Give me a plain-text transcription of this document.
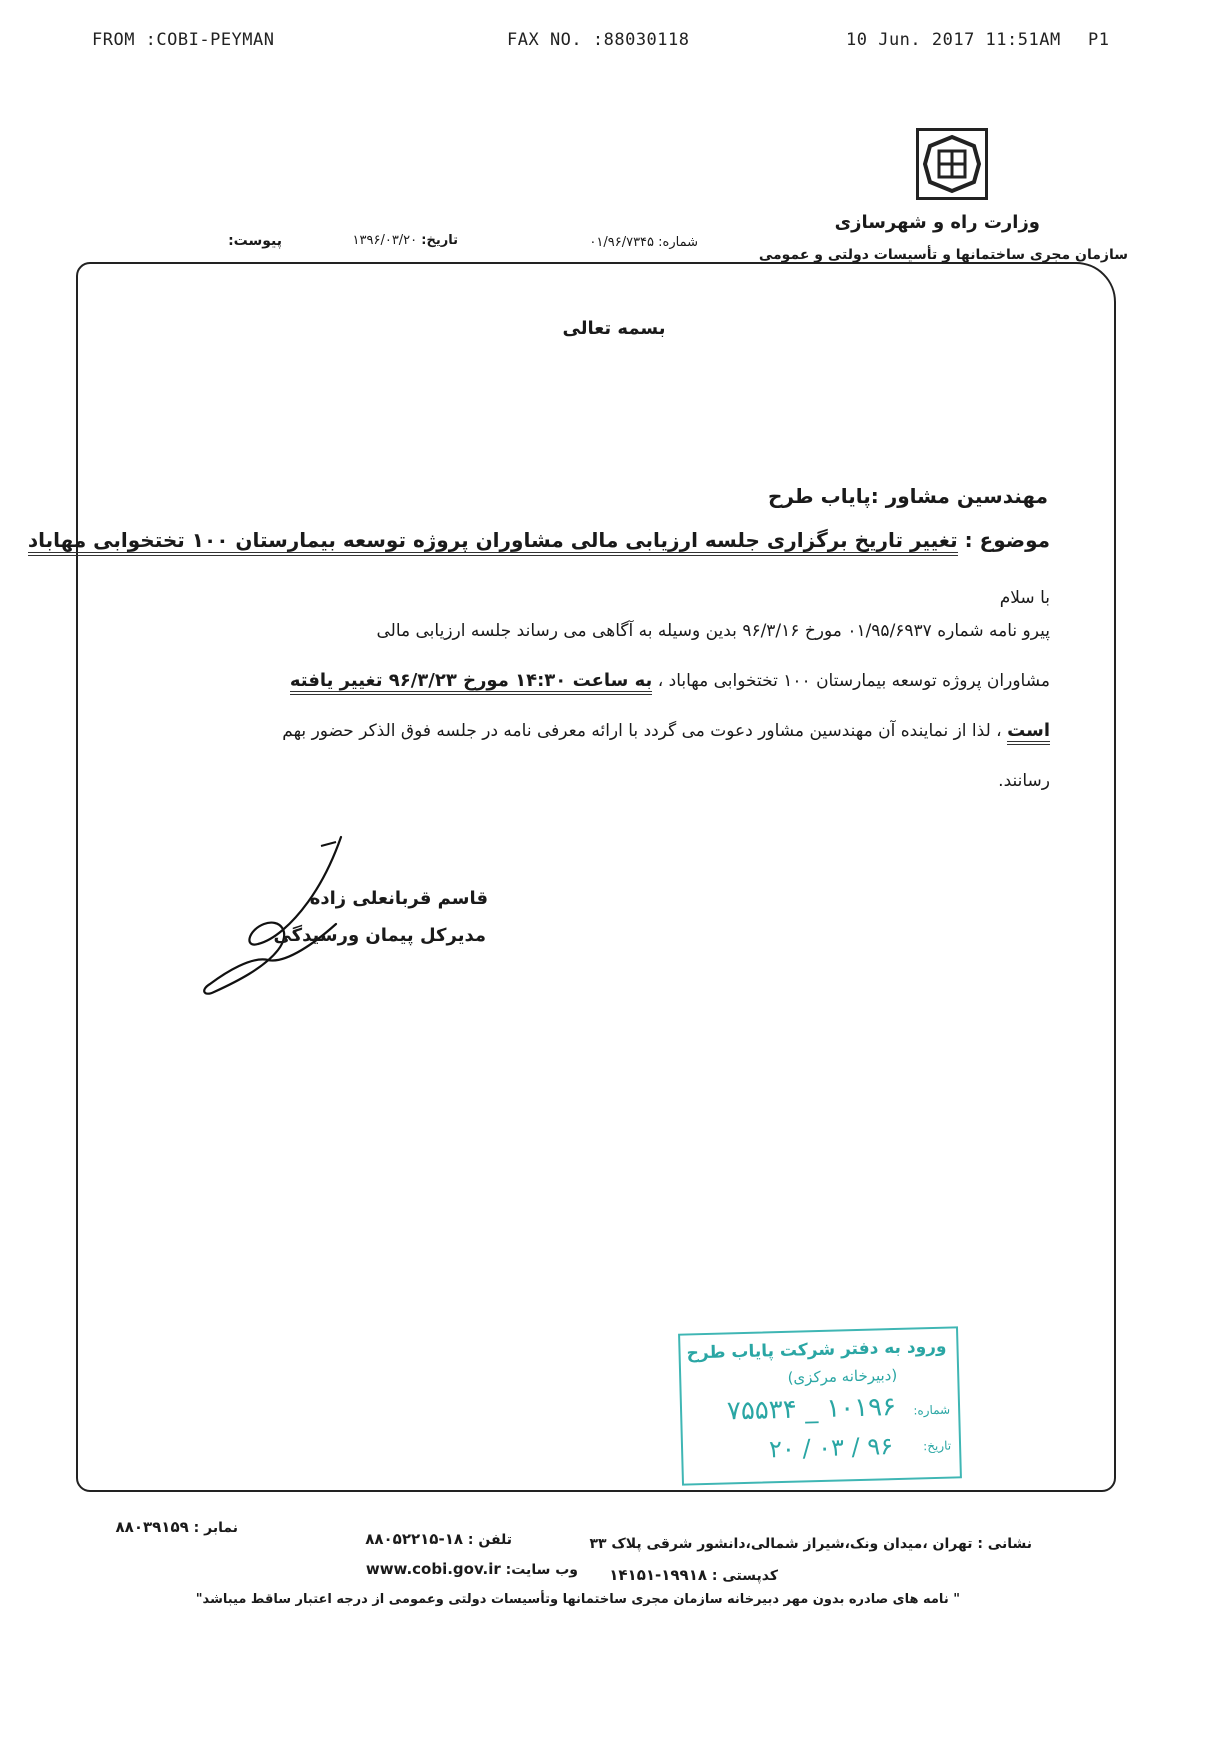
FROM :COBI-PEYMAN	FAX NO. :88030118	10 Jun. 2017 11:51AM P1
وزارت راه و شهرسازی
سازمان مجری ساختمانها و تأسیسات دولتی و عمومی
شماره: ۰۱/۹۶/۷۳۴۵
تاریخ: ۱۳۹۶/۰۳/۲۰
پیوست:
بسمه تعالی
مهندسین مشاور :پایاب طرح
موضوع : تغییر تاریخ برگزاری جلسه ارزیابی مالی مشاوران پروژه توسعه بیمارستان ۱۰۰ تختخوابی مهاباد
با سلام
پیرو نامه شماره ۰۱/۹۵/۶۹۳۷ مورخ ۹۶/۳/۱۶ بدین وسیله به آگاهی می رساند جلسه ارزیابی مالی
مشاوران پروژه توسعه بیمارستان ۱۰۰ تختخوابی مهاباد ، به ساعت ۱۴:۳۰ مورخ ۹۶/۳/۲۳ تغییر یافته
است ، لذا از نماینده آن مهندسین مشاور دعوت می گردد با ارائه معرفی نامه در جلسه فوق الذکر حضور بهم
رسانند.
قاسم قربانعلی زاده
مدیرکل پیمان ورسیدگی
ورود به دفتر شرکت پایاب طرح
(دبیرخانه مرکزی)
شماره:
۱۰۱۹۶ _ ۷۵۵۳۴
تاریخ:
۹۶ / ۰۳ / ۲۰
نمابر : ۸۸۰۳۹۱۵۹
تلفن : ۱۸-۸۸۰۵۲۲۱۵	نشانی : تهران ،میدان ونک،شیراز شمالی،دانشور شرقی پلاک ۳۳
وب سایت: www.cobi.gov.ir	کدپستی : ۱۹۹۱۸-۱۴۱۵۱
" نامه های صادره بدون مهر دبیرخانه سازمان مجری ساختمانها وتأسیسات دولتی وعمومی از درجه اعتبار ساقط میباشد"
